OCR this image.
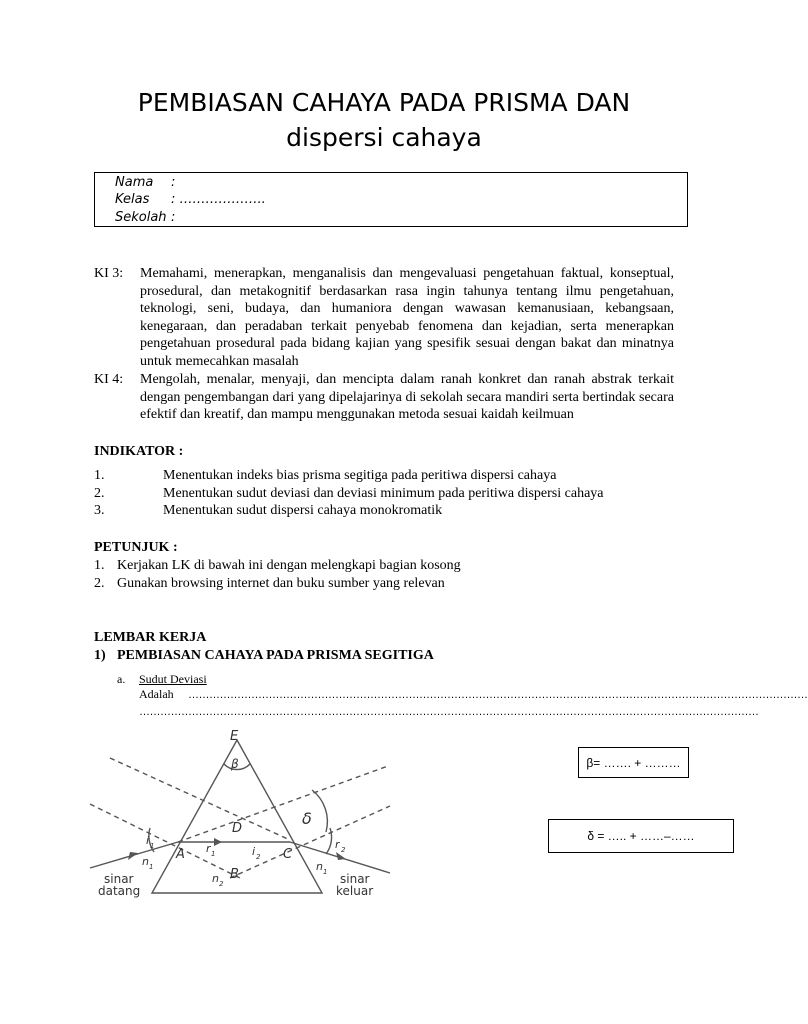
PEMBIASAN CAHAYA PADA PRISMA DAN
dispersi cahaya
Nama :
Kelas : ………………..
Sekolah :
KI 3: Memahami, menerapkan, menganalisis dan mengevaluasi pengetahuan faktual, konseptual, prosedural, dan metakognitif berdasarkan rasa ingin tahunya tentang ilmu pengetahuan, teknologi, seni, budaya, dan humaniora dengan wawasan kemanusiaan, kebangsaan, kenegaraan, dan peradaban terkait penyebab fenomena dan kejadian, serta menerapkan pengetahuan prosedural pada bidang kajian yang spesifik sesuai dengan bakat dan minatnya untuk memecahkan masalah
KI 4: Mengolah, menalar, menyaji, dan mencipta dalam ranah konkret dan ranah abstrak terkait dengan pengembangan dari yang dipelajarinya di sekolah secara mandiri serta bertindak secara efektif dan kreatif, dan mampu menggunakan metoda sesuai kaidah keilmuan
INDIKATOR :
1.	Menentukan indeks bias prisma segitiga pada peritiwa dispersi cahaya
2.	Menentukan sudut deviasi dan deviasi minimum pada peritiwa dispersi cahaya
3.	Menentukan sudut dispersi cahaya monokromatik
PETUNJUK :
1. Kerjakan LK di bawah ini dengan melengkapi bagian kosong
2. Gunakan browsing internet dan buku sumber yang relevan
LEMBAR KERJA
1) PEMBIASAN CAHAYA PADA PRISMA SEGITIGA
a. Sudut Deviasi
Adalah ……………………………………………………………………………………………………………………………………………………………
……………………………………………………………………………………………………………………………………………………………
E
D
A
B
C
β
δ
i 1	r 1	i 2
r 2
n 1
n 2
n 1
sinar
datang
sinar
keluar
β= ……. + ………
δ = ….. + ……–……
